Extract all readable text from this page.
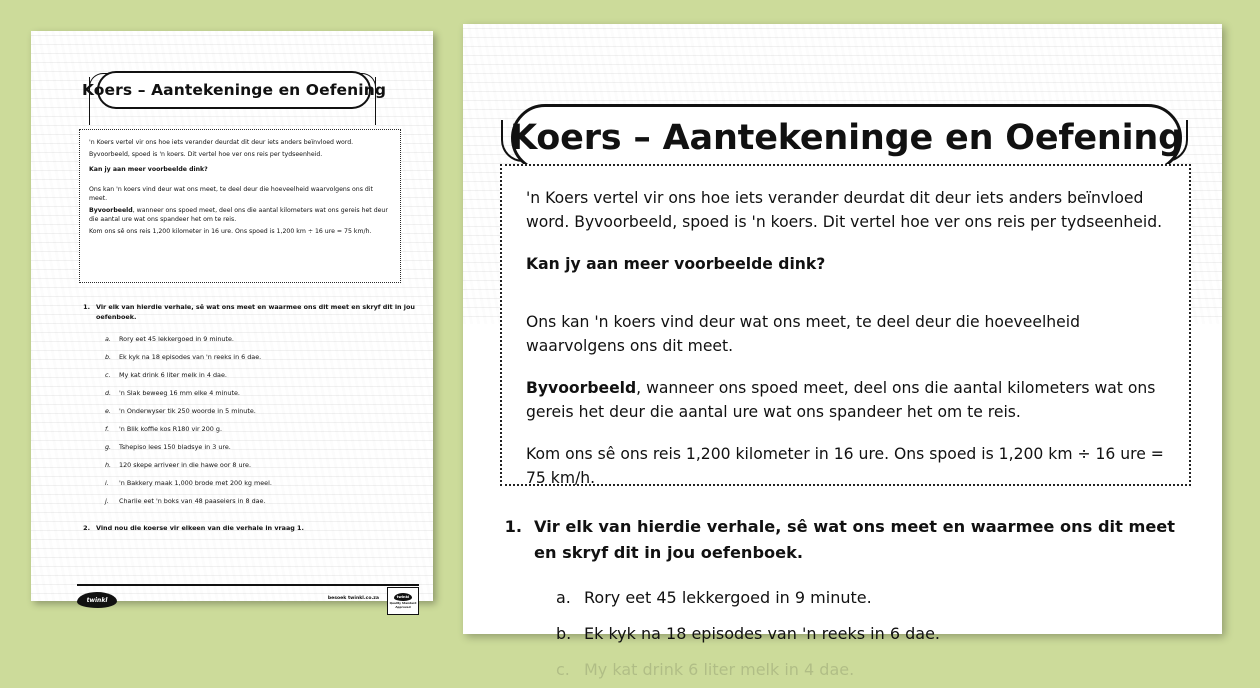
Koers – Aantekeninge en Oefening

'n Koers vertel vir ons hoe iets verander deurdat dit deur iets anders beïnvloed word.

Byvoorbeeld, spoed is 'n koers. Dit vertel hoe ver ons reis per tydseenheid.

Kan jy aan meer voorbeelde dink?

Ons kan 'n koers vind deur wat ons meet, te deel deur die hoeveelheid waarvolgens ons dit meet.

Byvoorbeeld, wanneer ons spoed meet, deel ons die aantal kilometers wat ons gereis het deur die aantal ure wat ons spandeer het om te reis.

Kom ons sê ons reis 1,200 kilometer in 16 ure. Ons spoed is 1,200 km ÷ 16 ure = 75 km/h.

1. Vir elk van hierdie verhale, sê wat ons meet en waarmee ons dit meet en skryf dit in jou oefenboek.
a. Rory eet 45 lekkergoed in 9 minute.
b. Ek kyk na 18 episodes van 'n reeks in 6 dae.
c. My kat drink 6 liter melk in 4 dae.
d. 'n Slak beweeg 16 mm elke 4 minute.
e. 'n Onderwyser tik 250 woorde in 5 minute.
f.	'n Blik koffie kos R180 vir 200 g.
g. Tshepiso lees 150 bladsye in 3 ure.
h. 120 skepe arriveer in die hawe oor 8 ure.
i.	'n Bakkery maak 1,000 brode met 200 kg meel.
j.	Charlie eet 'n boks van 48 paaseiers in 8 dae.
2. Vind nou die koerse vir elkeen van die verhale in vraag 1.
twinkl	besoek twinkl.co.za	twinkl
Quality Standard
Approved
Koers – Aantekeninge en Oefening

'n Koers vertel vir ons hoe iets verander deurdat dit deur iets anders beïnvloed word. Byvoorbeeld, spoed is 'n koers. Dit vertel hoe ver ons reis per tydseenheid.

Kan jy aan meer voorbeelde dink?

Ons kan 'n koers vind deur wat ons meet, te deel deur die hoeveelheid waarvolgens ons dit meet.

Byvoorbeeld, wanneer ons spoed meet, deel ons die aantal kilometers wat ons gereis het deur die aantal ure wat ons spandeer het om te reis.

Kom ons sê ons reis 1,200 kilometer in 16 ure. Ons spoed is 1,200 km ÷ 16 ure = 75 km/h.

1. Vir elk van hierdie verhale, sê wat ons meet en waarmee ons dit meet en skryf dit in jou oefenboek.
a. Rory eet 45 lekkergoed in 9 minute.
b. Ek kyk na 18 episodes van 'n reeks in 6 dae.
c. My kat drink 6 liter melk in 4 dae.
